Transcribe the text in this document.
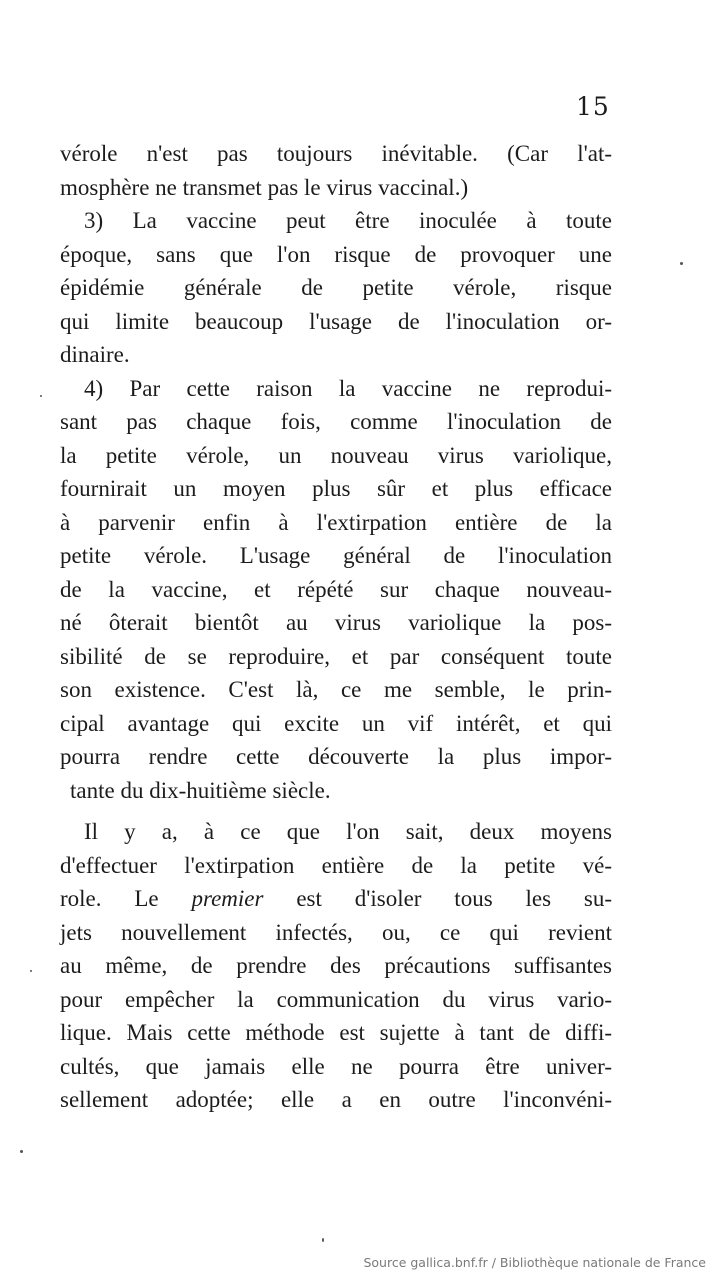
15
vérole n'est pas toujours inévitable. (Car l'at-
mosphère ne transmet pas le virus vaccinal.)
3) La vaccine peut être inoculée à toute
époque, sans que l'on risque de provoquer une
épidémie générale de petite vérole, risque
qui limite beaucoup l'usage de l'inoculation or-
dinaire.
4) Par cette raison la vaccine ne reprodui-
sant pas chaque fois, comme l'inoculation de
la petite vérole, un nouveau virus variolique,
fournirait un moyen plus sûr et plus efficace
à parvenir enfin à l'extirpation entière de la
petite vérole. L'usage général de l'inoculation
de la vaccine, et répété sur chaque nouveau-
né ôterait bientôt au virus variolique la pos-
sibilité de se reproduire, et par conséquent toute
son existence. C'est là, ce me semble, le prin-
cipal avantage qui excite un vif intérêt, et qui
pourra rendre cette découverte la plus impor-
tante du dix-huitième siècle.
Il y a, à ce que l'on sait, deux moyens
d'effectuer l'extirpation entière de la petite vé-
role. Le premier est d'isoler tous les su-
jets nouvellement infectés, ou, ce qui revient
au même, de prendre des précautions suffisantes
pour empêcher la communication du virus vario-
lique. Mais cette méthode est sujette à tant de diffi-
cultés, que jamais elle ne pourra être univer-
sellement adoptée; elle a en outre l'inconvéni-
Source gallica.bnf.fr / Bibliothèque nationale de France
